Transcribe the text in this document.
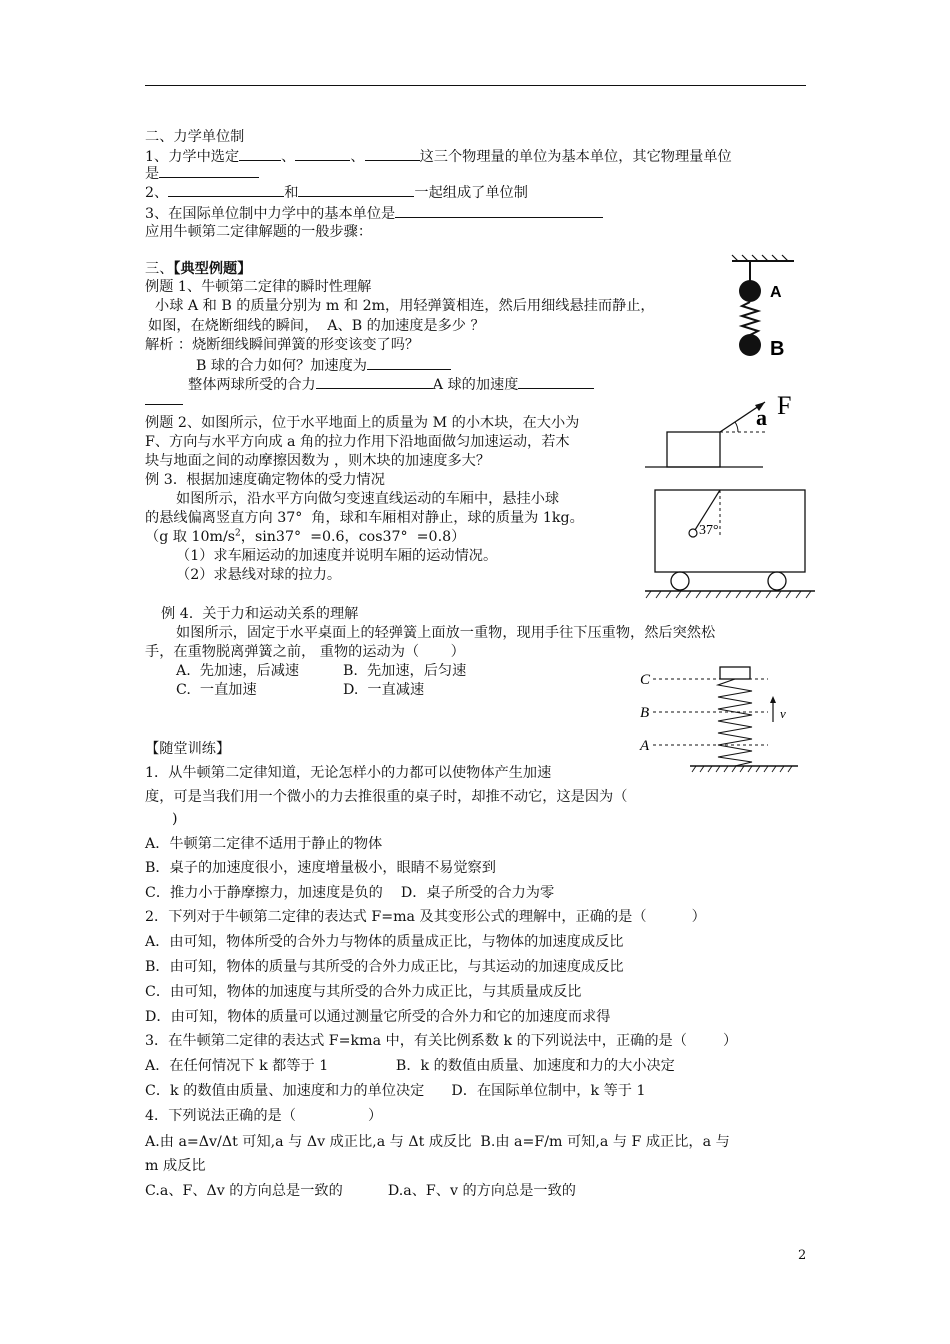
二、力学单位制
1、力学中选定	、	、	这三个物理量的单位为基本单位，其它物理量单位
是
2、	和	一起组成了单位制
3、在国际单位制中力学中的基本单位是
应用牛顿第二定律解题的一般步骤：
三、【典型例题】
例题 1、牛顿第二定律的瞬时性理解
小球 A 和 B 的质量分别为 m 和 2m，用轻弹簧相连，然后用细线悬挂而静止，
如图，在烧断细线的瞬间，  A、B 的加速度是多少 ？
解析 ：烧断细线瞬间弹簧的形变该变了吗？
B 球的合力如何？加速度为
整体两球所受的合力	A 球的加速度
A
B
例题 2、如图所示，位于水平地面上的质量为 M 的小木块，在大小为
F、方向与水平方向成 a 角的拉力作用下沿地面做匀加速运动，若木
块与地面之间的动摩擦因数为 ，则木块的加速度多大？
a F
例 3.  根据加速度确定物体的受力情况
如图所示，沿水平方向做匀变速直线运动的车厢中，悬挂小球
的悬线偏离竖直方向 37°  角，球和车厢相对静止，球的质量为 1kg。
（g 取 $10m/s^2$，sin37°  =0.6，cos37°  =0.8）
（1）求车厢运动的加速度并说明车厢的运动情况。
（2）求悬线对球的拉力。
37°
例 4.  关于力和运动关系的理解
如图所示，固定于水平桌面上的轻弹簧上面放一重物，现用手往下压重物，然后突然松
手，在重物脱离弹簧之前， 重物的运动为（       ）
A.  先加速，后减速	B.  先加速，后匀速
C.  一直加速	D.  一直减速
C
B
A
v
【随堂训练】
1．从牛顿第二定律知道，无论怎样小的力都可以使物体产生加速
度，可是当我们用一个微小的力去推很重的桌子时，却推不动它，这是因为（
)
A．牛顿第二定律不适用于静止的物体
B．桌子的加速度很小，速度增量极小，眼睛不易觉察到
C．推力小于静摩擦力，加速度是负的    D．桌子所受的合力为零
2．下列对于牛顿第二定律的表达式 F=ma 及其变形公式的理解中，正确的是（          ）
A．由可知，物体所受的合外力与物体的质量成正比，与物体的加速度成反比
B．由可知，物体的质量与其所受的合外力成正比，与其运动的加速度成反比
C．由可知，物体的加速度与其所受的合外力成正比，与其质量成反比
D．由可知，物体的质量可以通过测量它所受的合外力和它的加速度而求得
3．在牛顿第二定律的表达式 F=kma 中，有关比例系数 k 的下列说法中，正确的是（        ）
A．在任何情况下 k 都等于 1               B．k 的数值由质量、加速度和力的大小决定
C．k 的数值由质量、加速度和力的单位决定      D．在国际单位制中，k 等于 1
4．下列说法正确的是（                ）
A.由 a=Δv/Δt 可知,a 与 Δv 成正比,a 与 Δt 成反比  B.由 a=F/m 可知,a 与 F 成正比，a 与
m 成反比
C.a、F、Δv 的方向总是一致的          D.a、F、v 的方向总是一致的
2
